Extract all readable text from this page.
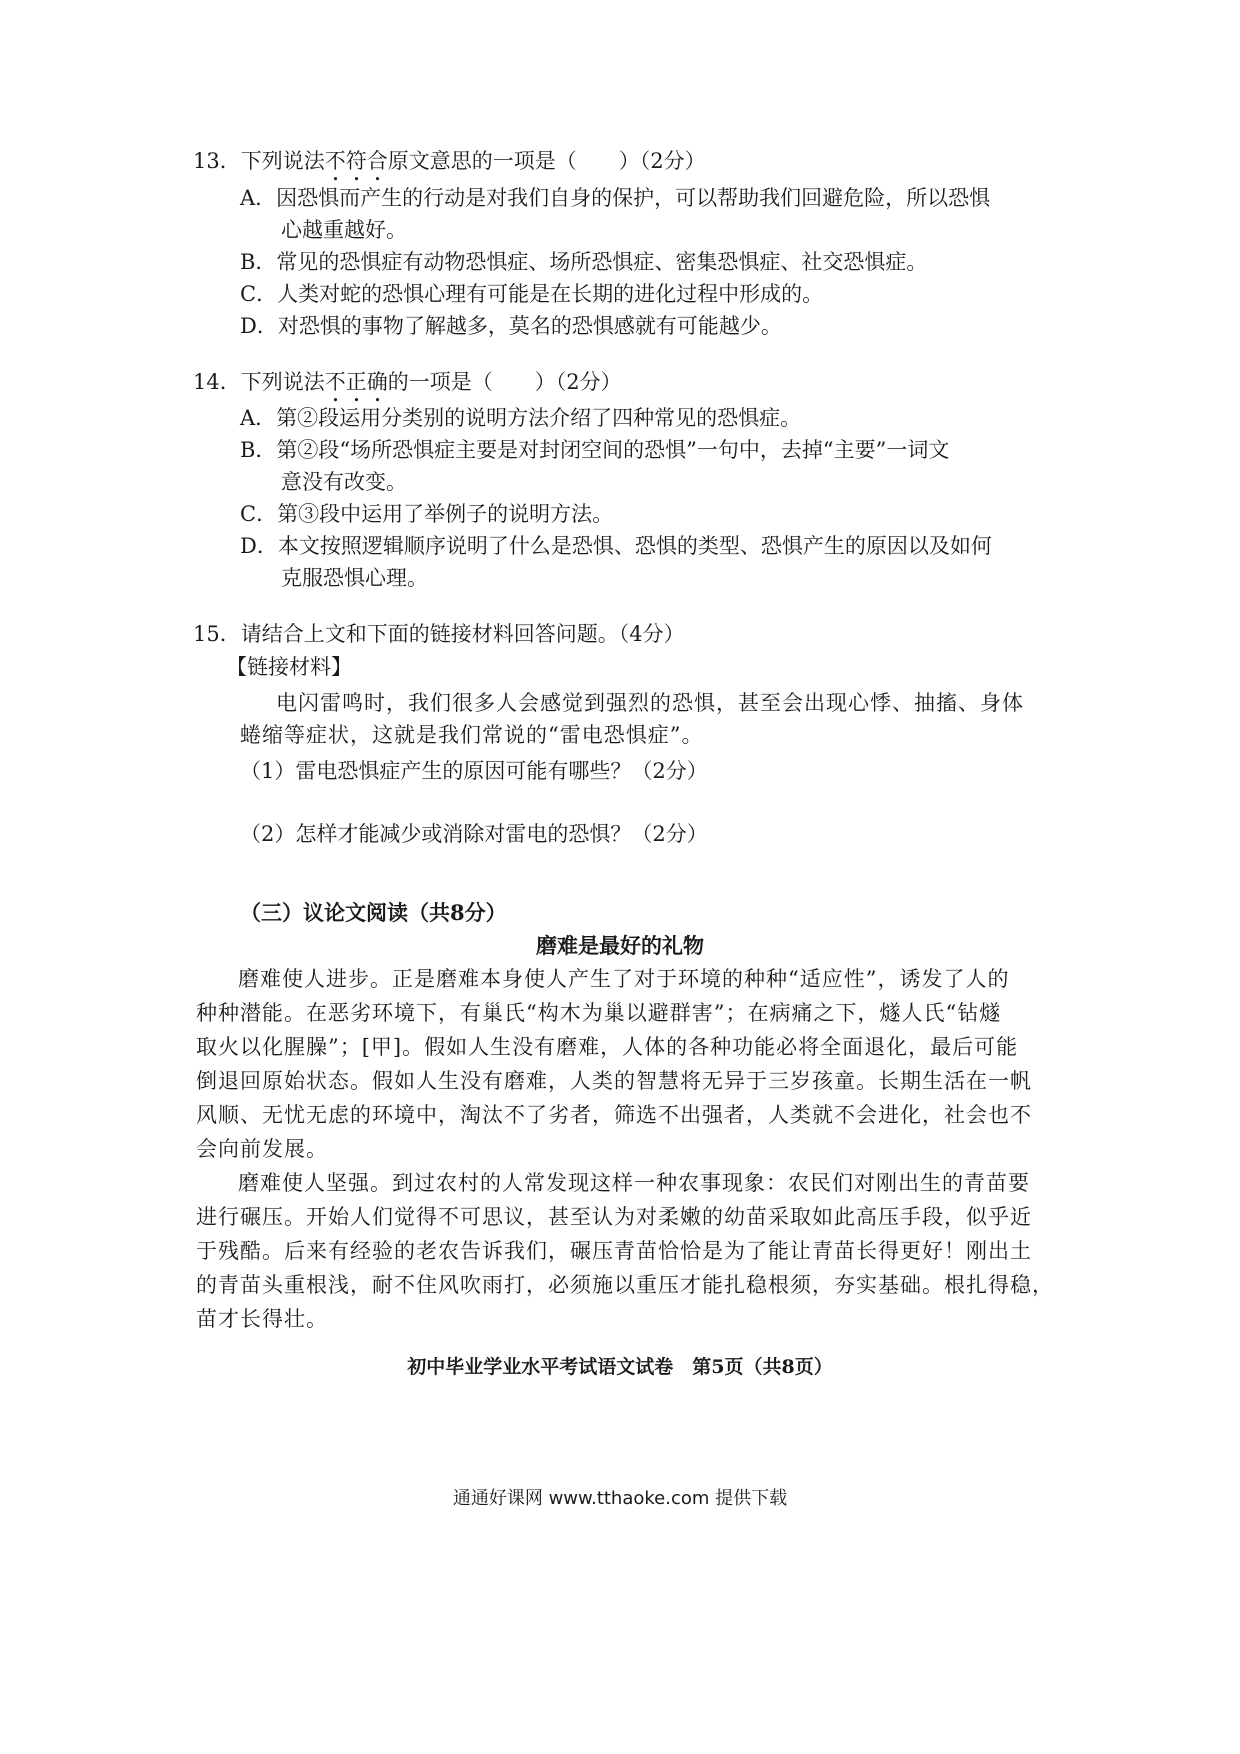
13．下列说法不符合原文意思的一项是（　　）（2分）
A．因恐惧而产生的行动是对我们自身的保护，可以帮助我们回避危险，所以恐惧
心越重越好。
B．常见的恐惧症有动物恐惧症、场所恐惧症、密集恐惧症、社交恐惧症。
C．人类对蛇的恐惧心理有可能是在长期的进化过程中形成的。
D．对恐惧的事物了解越多，莫名的恐惧感就有可能越少。
14．下列说法不正确的一项是（　　）（2分）
A．第②段运用分类别的说明方法介绍了四种常见的恐惧症。
B．第②段“场所恐惧症主要是对封闭空间的恐惧”一句中，去掉“主要”一词文
意没有改变。
C．第③段中运用了举例子的说明方法。
D．本文按照逻辑顺序说明了什么是恐惧、恐惧的类型、恐惧产生的原因以及如何
克服恐惧心理。
15．请结合上文和下面的链接材料回答问题。（4分）
【链接材料】
电闪雷鸣时，我们很多人会感觉到强烈的恐惧，甚至会出现心悸、抽搐、身体
蜷缩等症状，这就是我们常说的“雷电恐惧症”。
（1）雷电恐惧症产生的原因可能有哪些？（2分）
（2）怎样才能减少或消除对雷电的恐惧？（2分）
（三）议论文阅读（共8分）
磨难是最好的礼物
磨难使人进步。正是磨难本身使人产生了对于环境的种种“适应性”，诱发了人的
种种潜能。在恶劣环境下，有巢氏“构木为巢以避群害”；在病痛之下，燧人氏“钻燧
取火以化腥臊”；[甲]。假如人生没有磨难，人体的各种功能必将全面退化，最后可能
倒退回原始状态。假如人生没有磨难，人类的智慧将无异于三岁孩童。长期生活在一帆
风顺、无忧无虑的环境中，淘汰不了劣者，筛选不出强者，人类就不会进化，社会也不
会向前发展。
磨难使人坚强。到过农村的人常发现这样一种农事现象：农民们对刚出生的青苗要
进行碾压。开始人们觉得不可思议，甚至认为对柔嫩的幼苗采取如此高压手段，似乎近
于残酷。后来有经验的老农告诉我们，碾压青苗恰恰是为了能让青苗长得更好！刚出土
的青苗头重根浅，耐不住风吹雨打，必须施以重压才能扎稳根须，夯实基础。根扎得稳，
苗才长得壮。
初中毕业学业水平考试语文试卷　第5页（共8页）
通通好课网 www.tthaoke.com 提供下载
